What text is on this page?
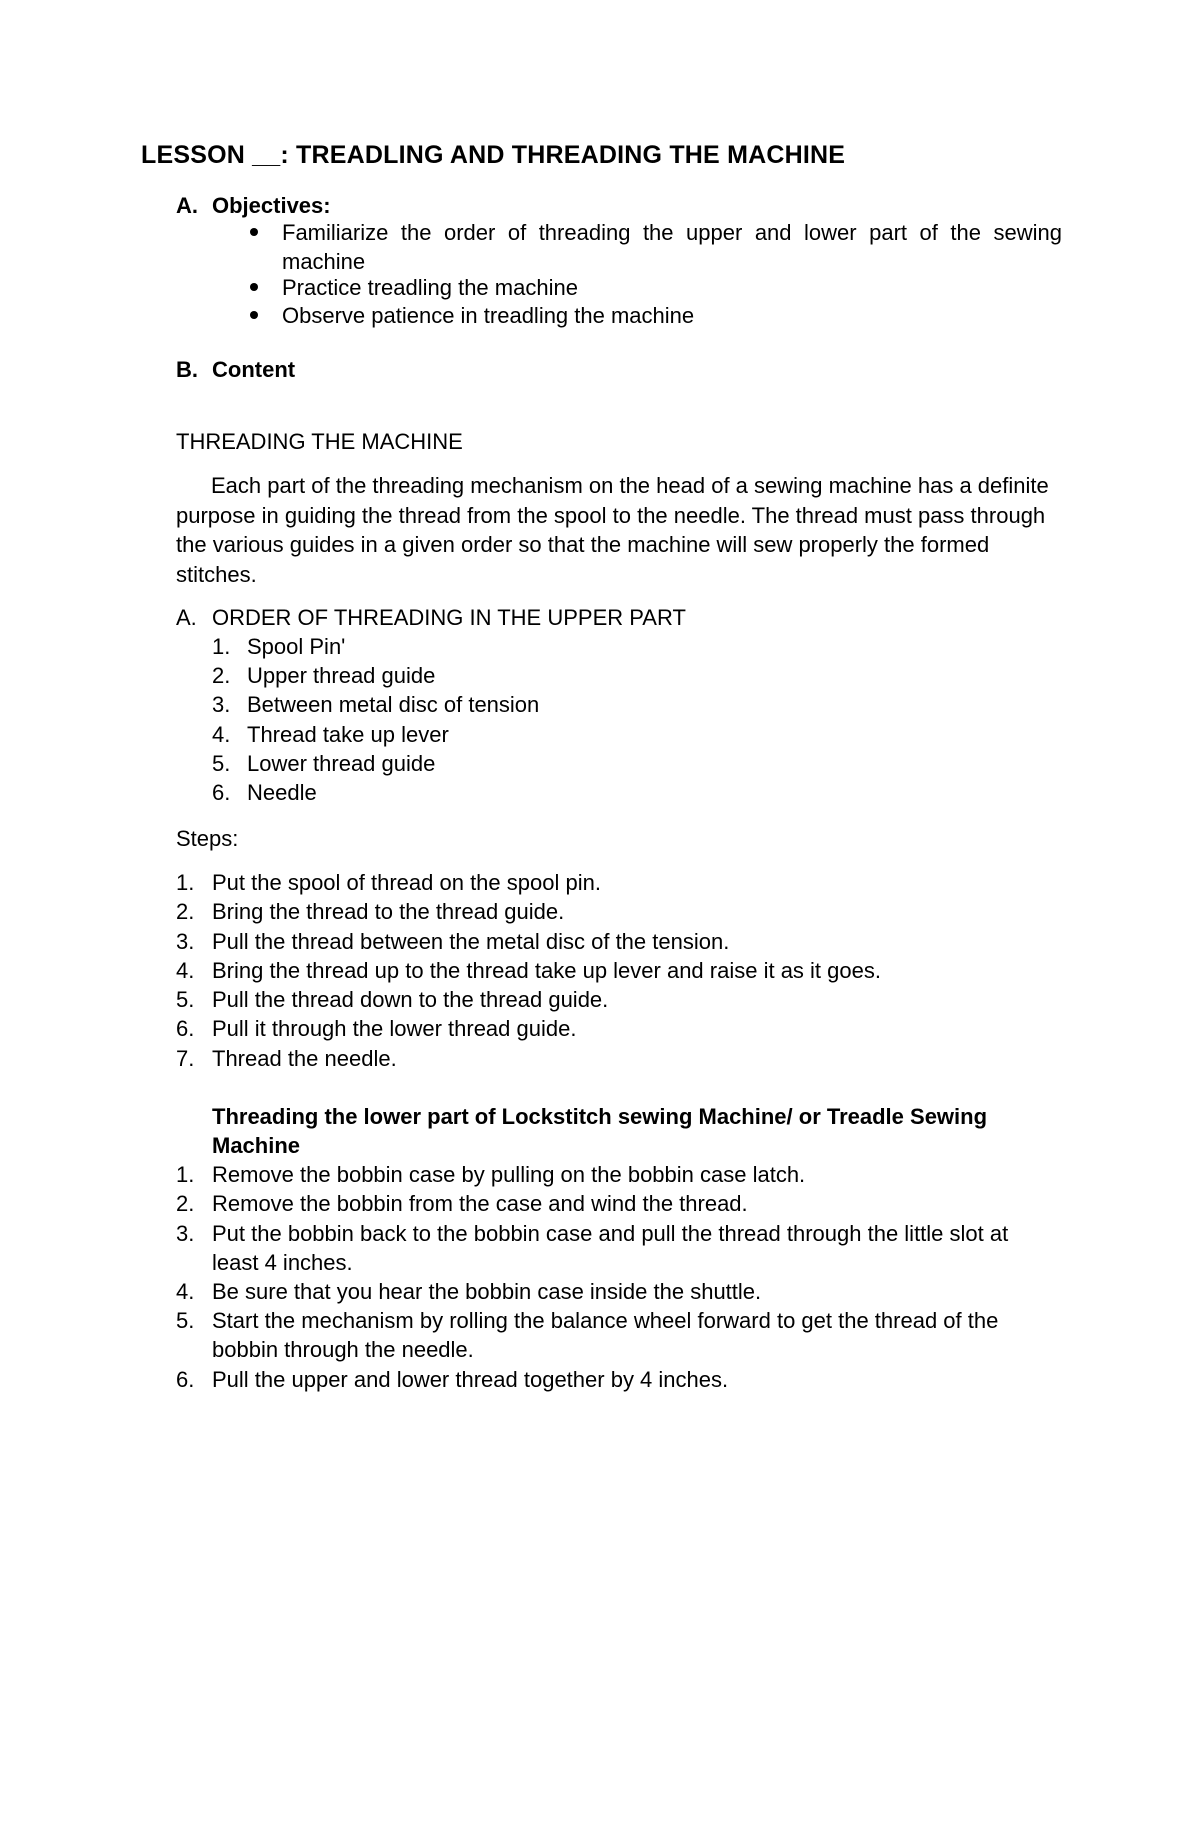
LESSON __: TREADLING AND THREADING THE MACHINE
A. Objectives:
Familiarize the order of threading the upper and lower part of the sewing machine
Practice treadling the machine
Observe patience in treadling the machine
B. Content
THREADING THE MACHINE
Each part of the threading mechanism on the head of a sewing machine has a definite purpose in guiding the thread from the spool to the needle. The thread must pass through the various guides in a given order so that the machine will sew properly the formed stitches.
A. ORDER OF THREADING IN THE UPPER PART
1. Spool Pin'
2. Upper thread guide
3. Between metal disc of tension
4. Thread take up lever
5. Lower thread guide
6. Needle
Steps:
1. Put the spool of thread on the spool pin.
2. Bring the thread to the thread guide.
3. Pull the thread between the metal disc of the tension.
4. Bring the thread up to the thread take up lever and raise it as it goes.
5. Pull the thread down to the thread guide.
6. Pull it through the lower thread guide.
7. Thread the needle.
Threading the lower part of Lockstitch sewing Machine/ or Treadle Sewing Machine
1. Remove the bobbin case by pulling on the bobbin case latch.
2. Remove the bobbin from the case and wind the thread.
3. Put the bobbin back to the bobbin case and pull the thread through the little slot at least 4 inches.
4. Be sure that you hear the bobbin case inside the shuttle.
5. Start the mechanism by rolling the balance wheel forward to get the thread of the bobbin through the needle.
6. Pull the upper and lower thread together by 4 inches.
